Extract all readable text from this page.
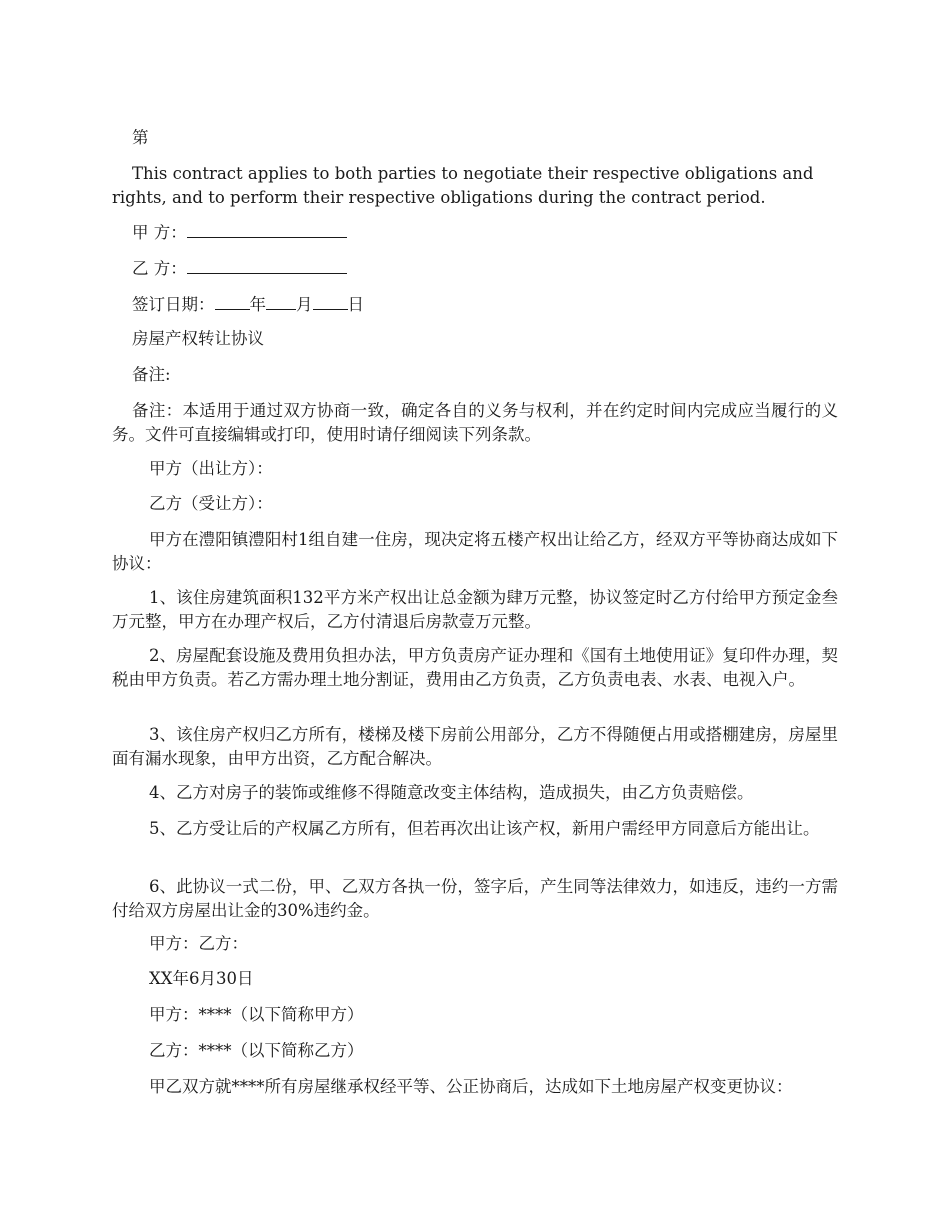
第

This contract applies to both parties to negotiate their respective obligations and rights, and to perform their respective obligations during the contract period.

甲 方：
乙 方：
签订日期： 年 月 日

房屋产权转让协议

备注:

备注：本适用于通过双方协商一致，确定各自的义务与权利，并在约定时间内完成应当履行的义务。文件可直接编辑或打印，使用时请仔细阅读下列条款。

甲方（出让方）：

乙方（受让方）：

甲方在澧阳镇澧阳村1组自建一住房，现决定将五楼产权出让给乙方，经双方平等协商达成如下协议：

1、该住房建筑面积132平方米产权出让总金额为肆万元整，协议签定时乙方付给甲方预定金叁万元整，甲方在办理产权后，乙方付清退后房款壹万元整。

2、房屋配套设施及费用负担办法，甲方负责房产证办理和《国有土地使用证》复印件办理，契税由甲方负责。若乙方需办理土地分割证，费用由乙方负责，乙方负责电表、水表、电视入户。

3、该住房产权归乙方所有，楼梯及楼下房前公用部分，乙方不得随便占用或搭棚建房，房屋里面有漏水现象，由甲方出资，乙方配合解决。

4、乙方对房子的装饰或维修不得随意改变主体结构，造成损失，由乙方负责赔偿。

5、乙方受让后的产权属乙方所有，但若再次出让该产权，新用户需经甲方同意后方能出让。

6、此协议一式二份，甲、乙双方各执一份，签字后，产生同等法律效力，如违反，违约一方需付给双方房屋出让金的30%违约金。

甲方：乙方：

XX年6月30日

甲方：****（以下简称甲方）

乙方：****（以下简称乙方）

甲乙双方就****所有房屋继承权经平等、公正协商后，达成如下土地房屋产权变更协议：
